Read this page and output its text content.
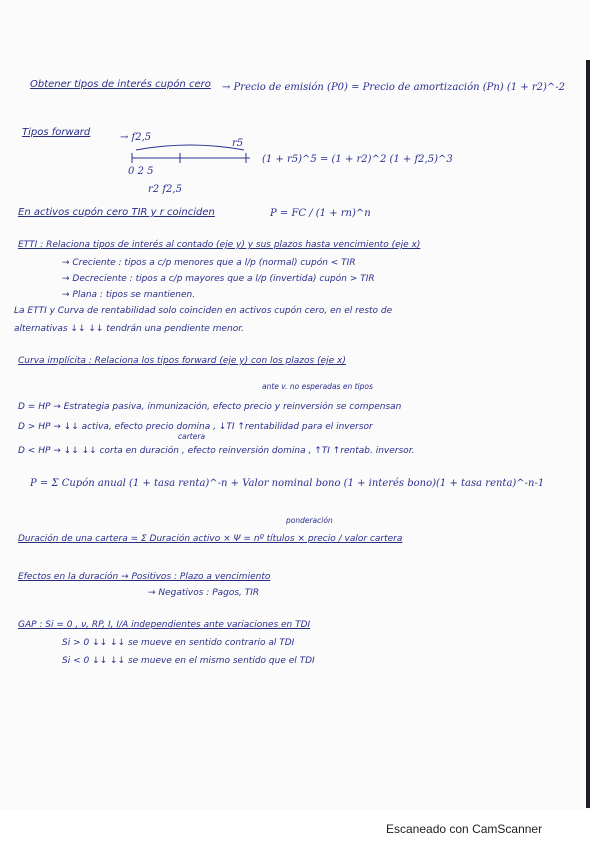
Obtener tipos de interés cupón cero → Precio de emisión (P0) = Precio de amortización (Pn) (1 + r2)^-2
Tipos forward	→ f2,5
r5
0 2 5
r2 f2,5
(1 + r5)^5 = (1 + r2)^2 (1 + f2,5)^3
En activos cupón cero TIR y r coinciden	P = FC / (1 + rn)^n
ETTI : Relaciona tipos de interés al contado (eje y) y sus plazos hasta vencimiento (eje x)
→ Creciente : tipos a c/p menores que a l/p (normal) cupón < TIR
→ Decreciente : tipos a c/p mayores que a l/p (invertida) cupón > TIR
→ Plana : tipos se mantienen.
La ETTI y Curva de rentabilidad solo coinciden en activos cupón cero, en el resto de
alternativas ↓↓ ↓↓ tendrán una pendiente menor.
Curva implícita : Relaciona los tipos forward (eje y) con los plazos (eje x)
ante v. no esperadas en tipos
D = HP → Estrategia pasiva, inmunización, efecto precio y reinversión se compensan
D > HP → ↓↓ activa, efecto precio domina , ↓TI ↑rentabilidad para el inversor
cartera
D < HP → ↓↓ ↓↓ corta en duración , efecto reinversión domina , ↑TI ↑rentab. inversor.
P = Σ Cupón anual (1 + tasa renta)^-n + Valor nominal bono (1 + interés bono)(1 + tasa renta)^-n-1
ponderación
Duración de una cartera = Σ Duración activo × Ψ = nº títulos × precio / valor cartera
Efectos en la duración → Positivos : Plazo a vencimiento
→ Negativos : Pagos, TIR
GAP : Si = 0 , ν, RP, I, I/A independientes ante variaciones en TDI
Si > 0 ↓↓ ↓↓ se mueve en sentido contrario al TDI
Si < 0 ↓↓ ↓↓ se mueve en el mismo sentido que el TDI
Escaneado con CamScanner
